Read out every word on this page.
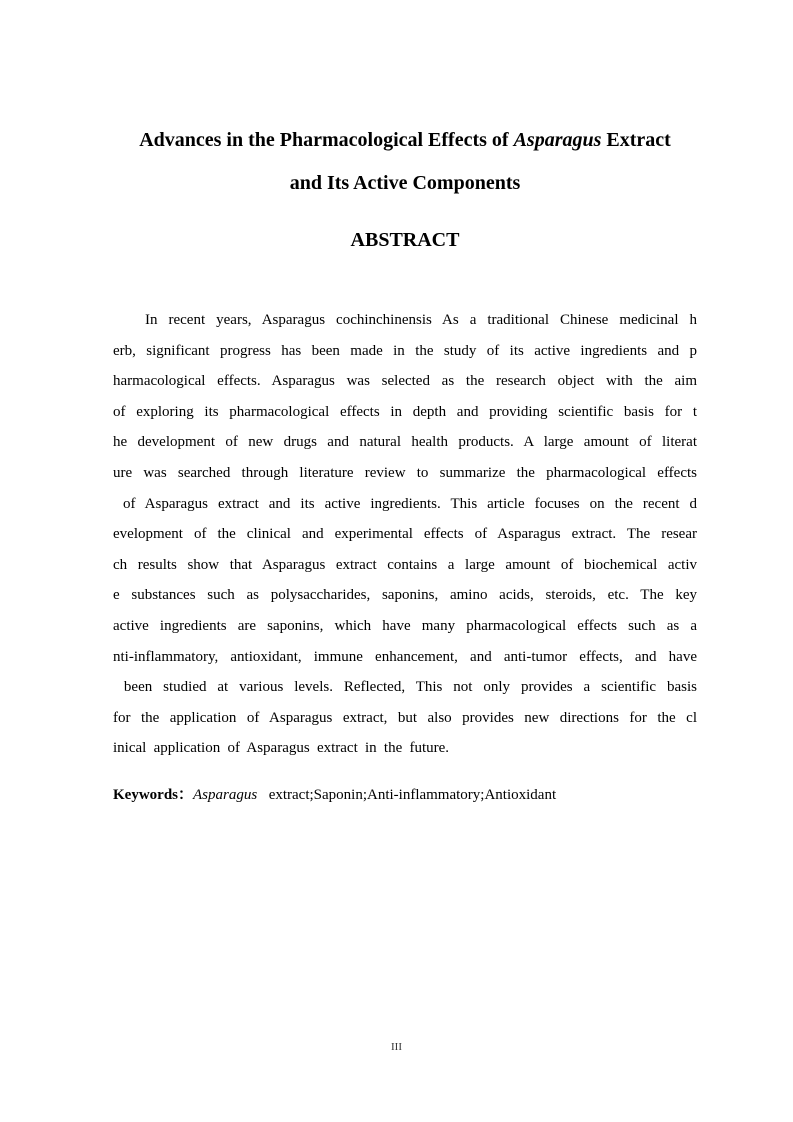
Advances in the Pharmacological Effects of Asparagus Extract
and Its Active Components
ABSTRACT
In recent years, Asparagus cochinchinensis As a traditional Chinese medicinal h
erb, significant progress has been made in the study of its active ingredients and p
harmacological effects. Asparagus was selected as the research object with the aim
of exploring its pharmacological effects in depth and providing scientific basis for t
he development of new drugs and natural health products. A large amount of literat
ure was searched through literature review to summarize the pharmacological effects
of Asparagus extract and its active ingredients. This article focuses on the recent d
evelopment of the clinical and experimental effects of Asparagus extract. The resear
ch results show that Asparagus extract contains a large amount of biochemical activ
e substances such as polysaccharides, saponins, amino acids, steroids, etc. The key
active ingredients are saponins, which have many pharmacological effects such as a
nti-inflammatory, antioxidant, immune enhancement, and anti-tumor effects, and have
been studied at various levels. Reflected, This not only provides a scientific basis
for the application of Asparagus extract, but also provides new directions for the cl
inical application of Asparagus extract in the future.

Keywords：Asparagus  extract;Saponin;Anti-inflammatory;Antioxidant

III
